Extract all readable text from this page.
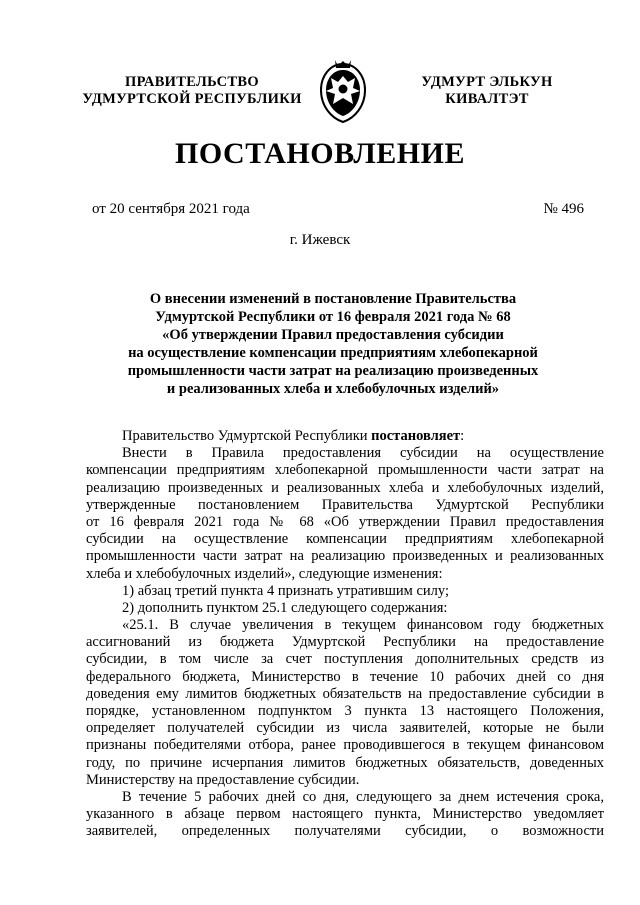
ПРАВИТЕЛЬСТВО
УДМУРТСКОЙ РЕСПУБЛИКИ
УДМУРТ ЭЛЬКУН
КИВАЛТЭТ
ПОСТАНОВЛЕНИЕ
от 20 сентября 2021 года	№ 496
г. Ижевск
О внесении изменений в постановление Правительства
Удмуртской Республики от 16 февраля 2021 года № 68
«Об утверждении Правил предоставления субсидии
на осуществление компенсации предприятиям хлебопекарной
промышленности части затрат на реализацию произведенных
и реализованных хлеба и хлебобулочных изделий»
Правительство Удмуртской Республики постановляет:
Внести в Правила предоставления субсидии на осуществление
компенсации предприятиям хлебопекарной промышленности части затрат на
реализацию произведенных и реализованных хлеба и хлебобулочных изделий,
утвержденные постановлением Правительства Удмуртской Республики
от 16 февраля 2021 года № 68 «Об утверждении Правил предоставления
субсидии на осуществление компенсации предприятиям хлебопекарной
промышленности части затрат на реализацию произведенных и реализованных
хлеба и хлебобулочных изделий», следующие изменения:
1) абзац третий пункта 4 признать утратившим силу;
2) дополнить пунктом 25.1 следующего содержания:
«25.1. В случае увеличения в текущем финансовом году бюджетных
ассигнований из бюджета Удмуртской Республики на предоставление
субсидии, в том числе за счет поступления дополнительных средств из
федерального бюджета, Министерство в течение 10 рабочих дней со дня
доведения ему лимитов бюджетных обязательств на предоставление субсидии в
порядке, установленном подпунктом 3 пункта 13 настоящего Положения,
определяет получателей субсидии из числа заявителей, которые не были
признаны победителями отбора, ранее проводившегося в текущем финансовом
году, по причине исчерпания лимитов бюджетных обязательств, доведенных
Министерству на предоставление субсидии.
В течение 5 рабочих дней со дня, следующего за днем истечения срока,
указанного в абзаце первом настоящего пункта, Министерство уведомляет
заявителей, определенных получателями субсидии, о возможности
